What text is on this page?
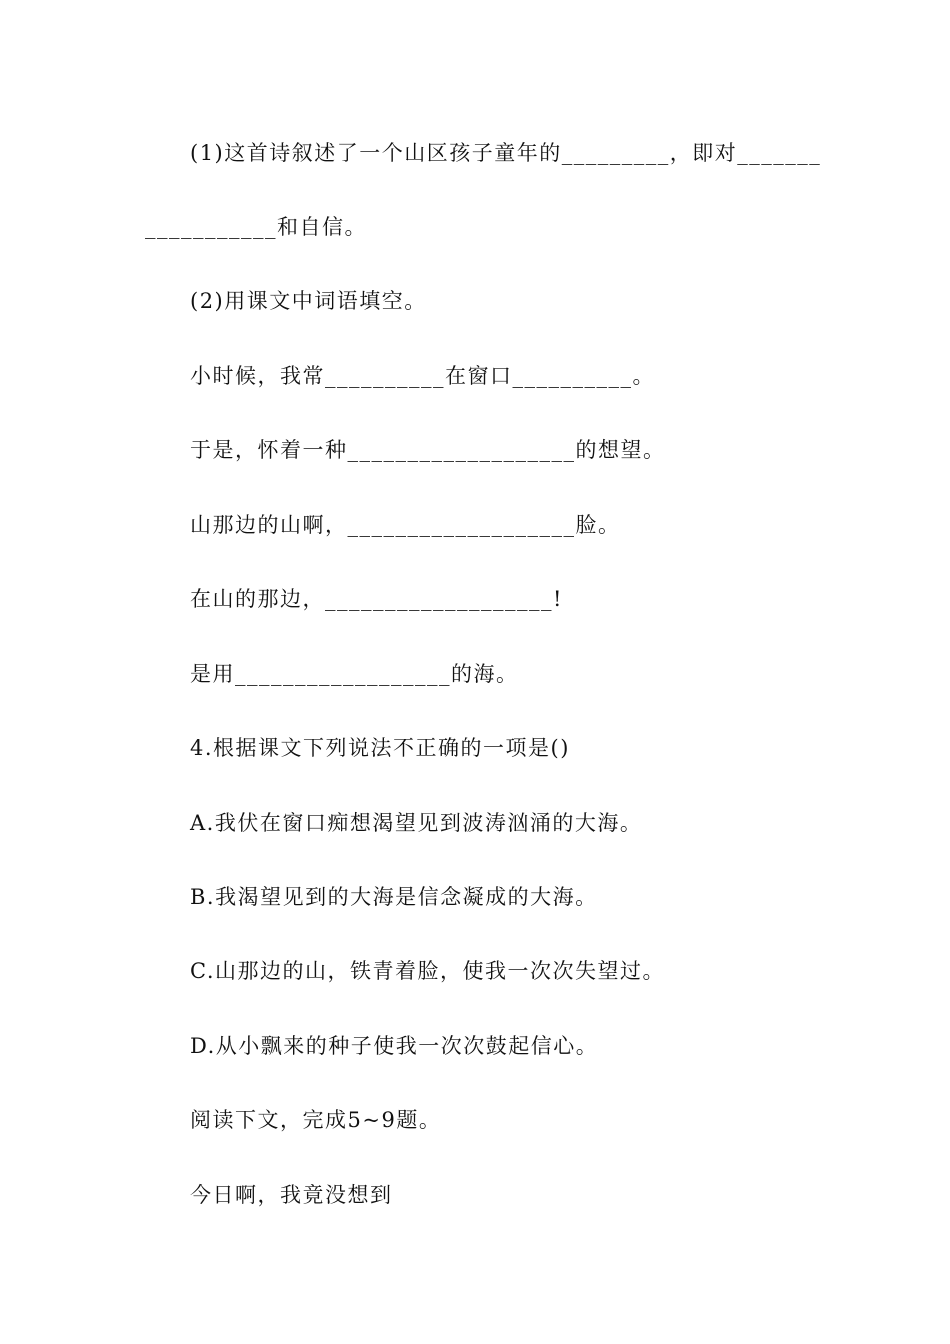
(1)这首诗叙述了一个山区孩子童年的_________，即对_______
___________和自信。
(2)用课文中词语填空。
小时候，我常__________在窗口__________。
于是，怀着一种___________________的想望。
山那边的山啊，___________________脸。
在山的那边，___________________!
是用__________________的海。
4.根据课文下列说法不正确的一项是()
A.我伏在窗口痴想渴望见到波涛汹涌的大海。
B.我渴望见到的大海是信念凝成的大海。
C.山那边的山，铁青着脸，使我一次次失望过。
D.从小飘来的种子使我一次次鼓起信心。
阅读下文，完成5~9题。
今日啊，我竟没想到
